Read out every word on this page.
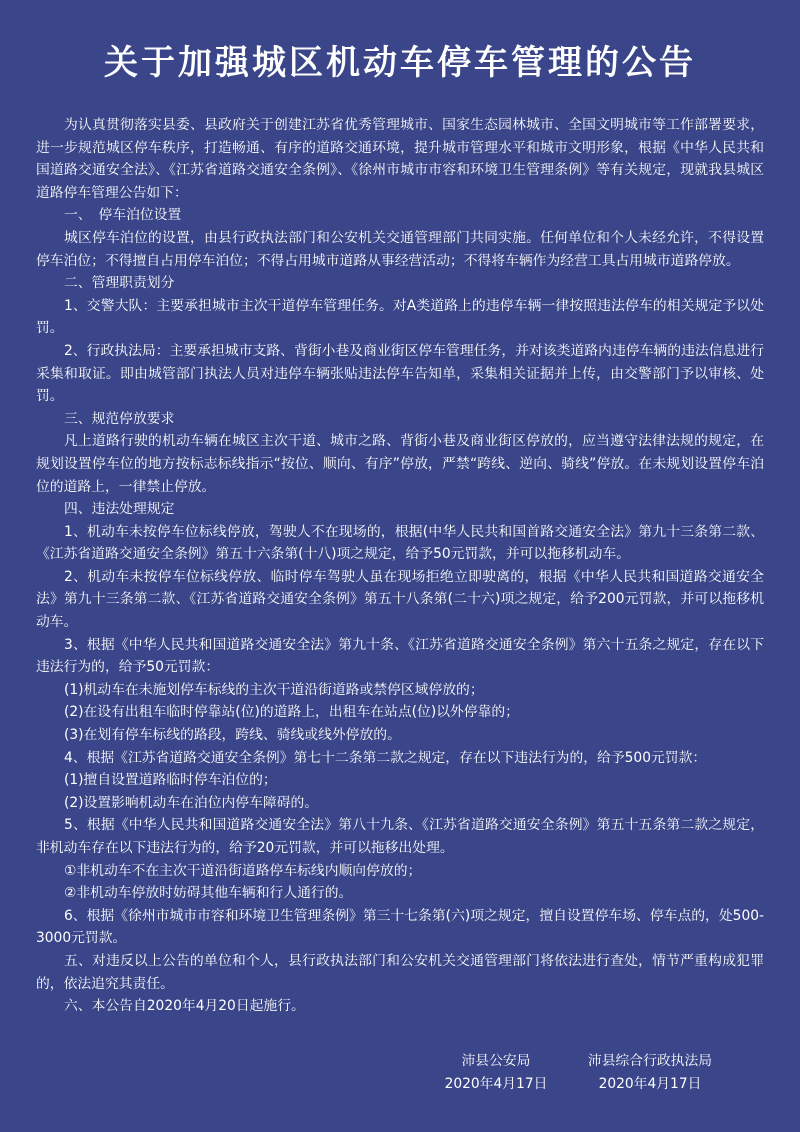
关于加强城区机动车停车管理的公告

为认真贯彻落实县委、县政府关于创建江苏省优秀管理城市、国家生态园林城市、全国文明城市等工作部署要求，进一步规范城区停车秩序，打造畅通、有序的道路交通环境，提升城市管理水平和城市文明形象，根据《中华人民共和国道路交通安全法》、《江苏省道路交通安全条例》、《徐州市城市市容和环境卫生管理条例》等有关规定，现就我县城区道路停车管理公告如下：

一、　停车泊位设置

城区停车泊位的设置，由县行政执法部门和公安机关交通管理部门共同实施。任何单位和个人未经允许，不得设置停车泊位；不得擅自占用停车泊位；不得占用城市道路从事经营活动；不得将车辆作为经营工具占用城市道路停放。

二、管理职责划分

1、交警大队：主要承担城市主次干道停车管理任务。对A类道路上的违停车辆一律按照违法停车的相关规定予以处罚。

2、行政执法局：主要承担城市支路、背街小巷及商业街区停车管理任务，并对该类道路内违停车辆的违法信息进行采集和取证。即由城管部门执法人员对违停车辆张贴违法停车告知单，采集相关证据并上传，由交警部门予以审核、处罚。

三、规范停放要求

凡上道路行驶的机动车辆在城区主次干道、城市之路、背街小巷及商业街区停放的，应当遵守法律法规的规定，在规划设置停车位的地方按标志标线指示“按位、顺向、有序”停放，严禁“跨线、逆向、骑线”停放。在未规划设置停车泊位的道路上，一律禁止停放。

四、违法处理规定

1、机动车未按停车位标线停放，驾驶人不在现场的，根据(中华人民共和国首路交通安全法》第九十三条第二款、《江苏省道路交通安全条例》第五十六条第(十八)项之规定，给予50元罚款，并可以拖移机动车。

2、机动车未按停车位标线停放、临时停车驾驶人虽在现场拒绝立即驶离的，根据《中华人民共和国道路交通安全法》第九十三条第二款、《江苏省道路交通安全条例》第五十八条第(二十六)项之规定，给予200元罚款，并可以拖移机动车。

3、根据《中华人民共和国道路交通安全法》第九十条、《江苏省道路交通安全条例》第六十五条之规定，存在以下违法行为的，给予50元罚款：

(1)机动车在未施划停车标线的主次干道沿街道路或禁停区域停放的；

(2)在设有出租车临时停靠站(位)的道路上，出租车在站点(位)以外停靠的；

(3)在划有停车标线的路段，跨线、骑线或线外停放的。

4、根据《江苏省道路交通安全条例》第七十二条第二款之规定，存在以下违法行为的，给予500元罚款：

(1)擅自设置道路临时停车泊位的；

(2)设置影响机动车在泊位内停车障碍的。

5、根据《中华人民共和国道路交通安全法》第八十九条、《江苏省道路交通安全条例》第五十五条第二款之规定，非机动车存在以下违法行为的，给予20元罚款，并可以拖移出处理。

①非机动车不在主次干道沿街道路停车标线内顺向停放的；

②非机动车停放时妨碍其他车辆和行人通行的。

6、根据《徐州市城市市容和环境卫生管理条例》第三十七条第(六)项之规定，擅自设置停车场、停车点的，处500-3000元罚款。

五、对违反以上公告的单位和个人，县行政执法部门和公安机关交通管理部门将依法进行查处，情节严重构成犯罪的，依法追究其责任。

六、本公告自2020年4月20日起施行。

沛县公安局
2020年4月17日
沛县综合行政执法局
2020年4月17日
